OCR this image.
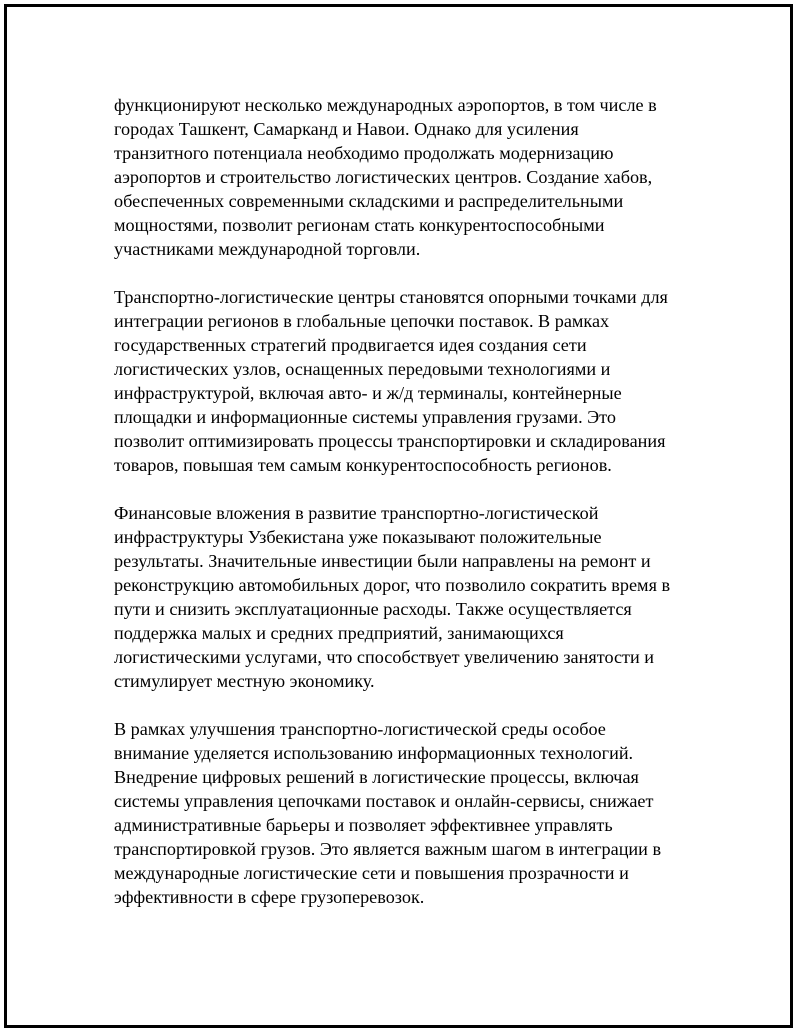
функционируют несколько международных аэропортов, в том числе в
городах Ташкент, Самарканд и Навои. Однако для усиления
транзитного потенциала необходимо продолжать модернизацию
аэропортов и строительство логистических центров. Создание хабов,
обеспеченных современными складскими и распределительными
мощностями, позволит регионам стать конкурентоспособными
участниками международной торговли.

Транспортно-логистические центры становятся опорными точками для
интеграции регионов в глобальные цепочки поставок. В рамках
государственных стратегий продвигается идея создания сети
логистических узлов, оснащенных передовыми технологиями и
инфраструктурой, включая авто- и ж/д терминалы, контейнерные
площадки и информационные системы управления грузами. Это
позволит оптимизировать процессы транспортировки и складирования
товаров, повышая тем самым конкурентоспособность регионов.

Финансовые вложения в развитие транспортно-логистической
инфраструктуры Узбекистана уже показывают положительные
результаты. Значительные инвестиции были направлены на ремонт и
реконструкцию автомобильных дорог, что позволило сократить время в
пути и снизить эксплуатационные расходы. Также осуществляется
поддержка малых и средних предприятий, занимающихся
логистическими услугами, что способствует увеличению занятости и
стимулирует местную экономику.

В рамках улучшения транспортно-логистической среды особое
внимание уделяется использованию информационных технологий.
Внедрение цифровых решений в логистические процессы, включая
системы управления цепочками поставок и онлайн-сервисы, снижает
административные барьеры и позволяет эффективнее управлять
транспортировкой грузов. Это является важным шагом в интеграции в
международные логистические сети и повышения прозрачности и
эффективности в сфере грузоперевозок.
